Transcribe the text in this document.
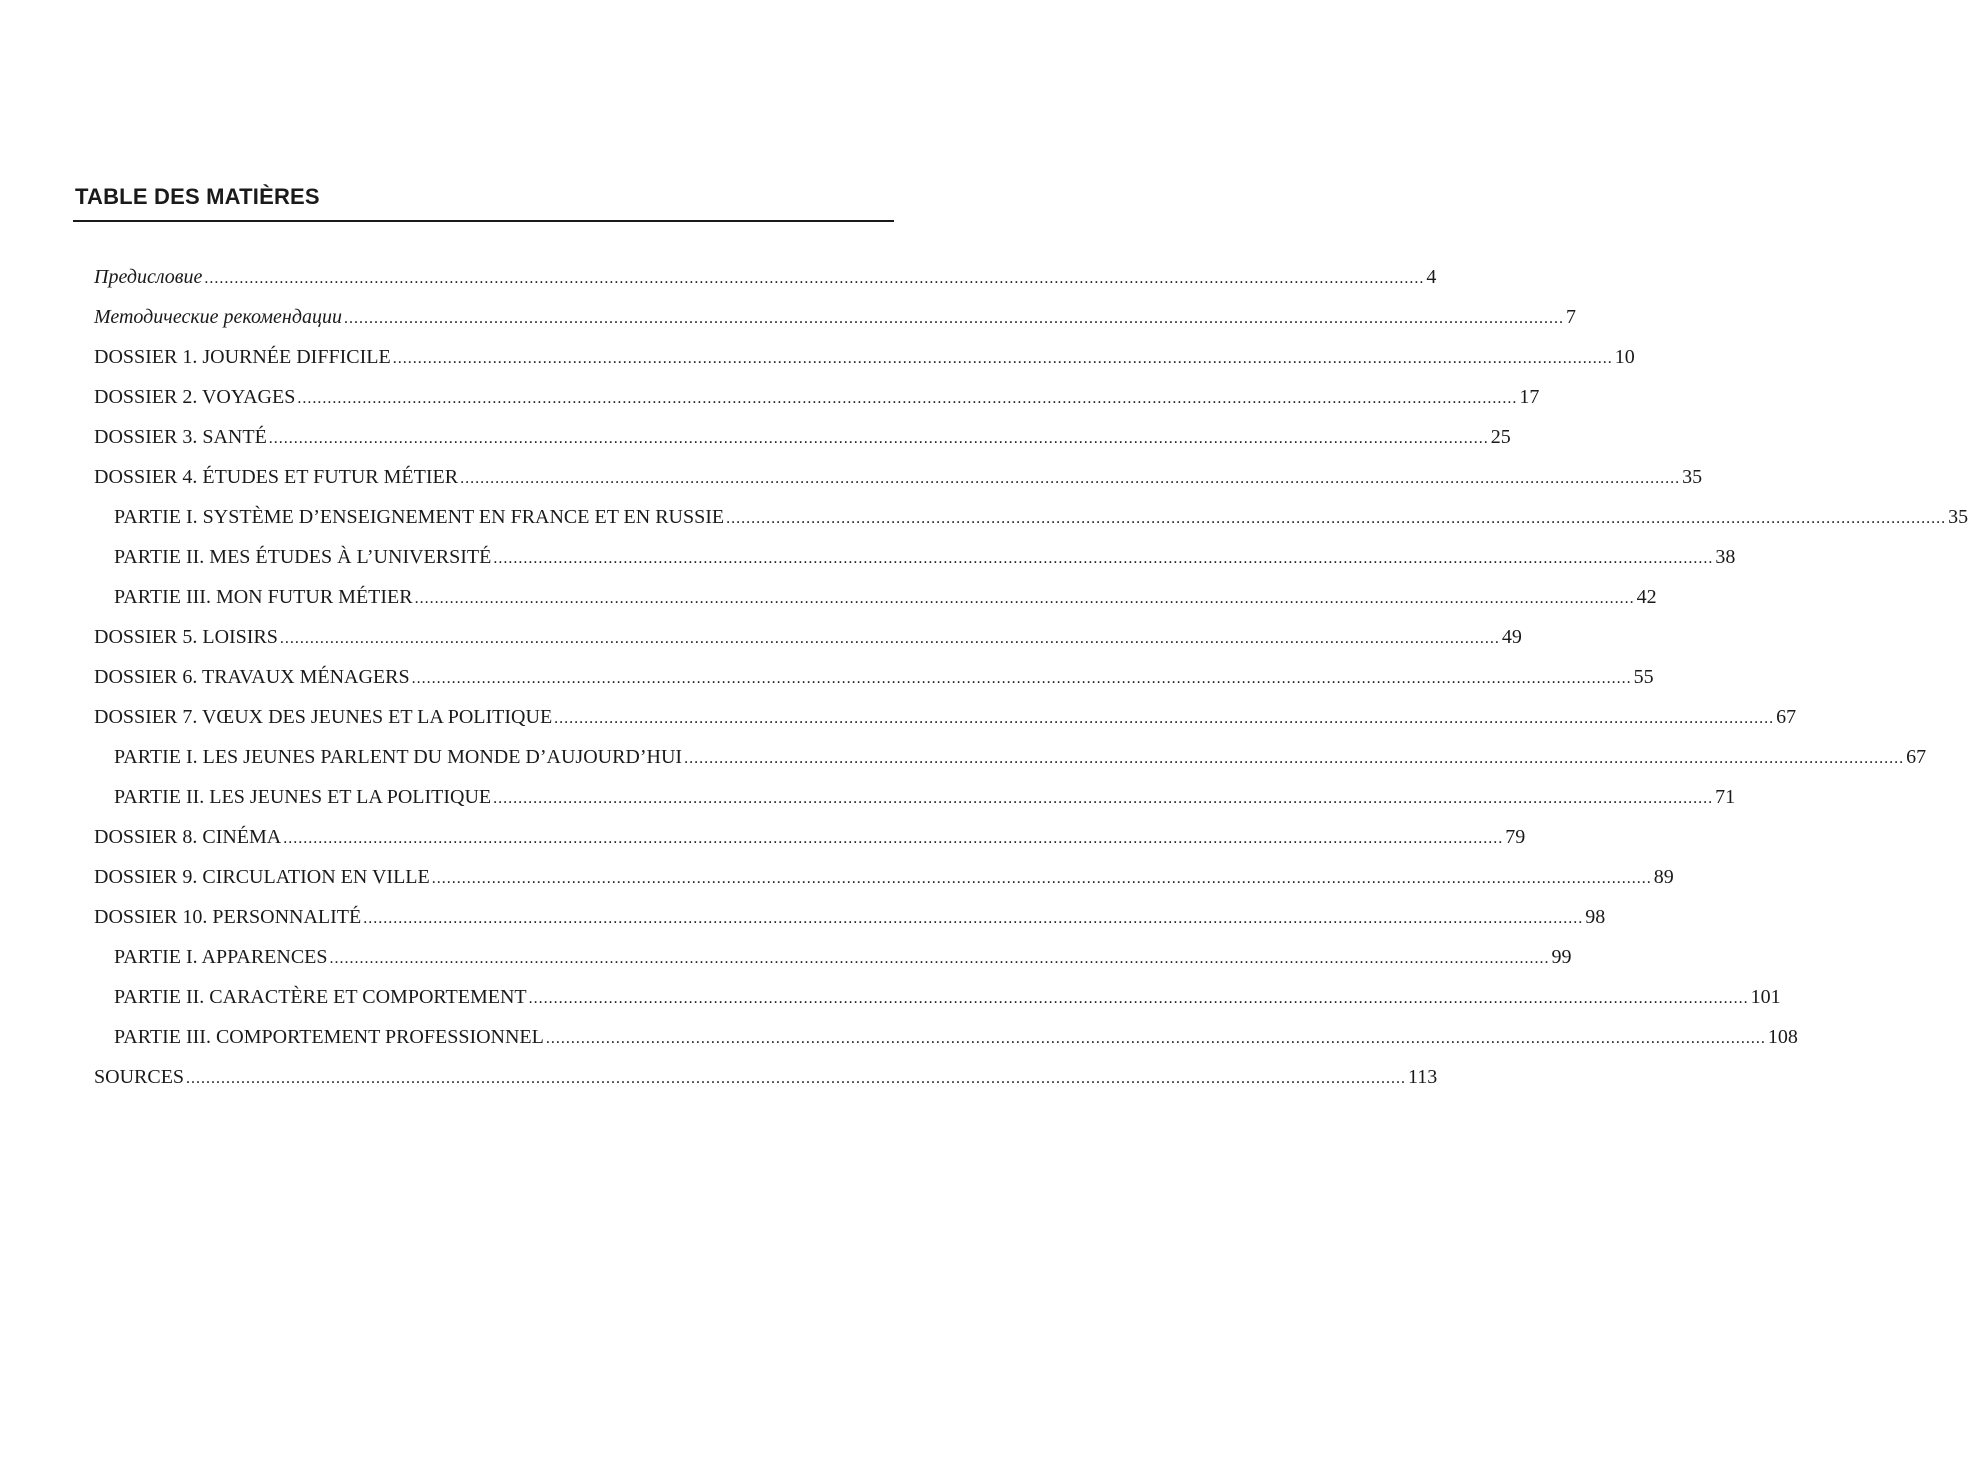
TABLE DES MATIÈRES
Предисловие .................................................................................................................................................................................................................................................... 4
Методические рекомендации .................................................................................................................................................................................................................................................... 7
DOSSIER 1. JOURNÉE DIFFICILE .................................................................................................................................................................................................................................................... 10
DOSSIER 2. VOYAGES .................................................................................................................................................................................................................................................... 17
DOSSIER 3. SANTÉ .................................................................................................................................................................................................................................................... 25
DOSSIER 4. ÉTUDES ET FUTUR MÉTIER .................................................................................................................................................................................................................................................... 35
PARTIE I. SYSTÈME D’ENSEIGNEMENT EN FRANCE ET EN RUSSIE .................................................................................................................................................................................................................................................... 35
PARTIE II. MES ÉTUDES À L’UNIVERSITÉ .................................................................................................................................................................................................................................................... 38
PARTIE III. MON FUTUR MÉTIER .................................................................................................................................................................................................................................................... 42
DOSSIER 5. LOISIRS .................................................................................................................................................................................................................................................... 49
DOSSIER 6. TRAVAUX MÉNAGERS .................................................................................................................................................................................................................................................... 55
DOSSIER 7. VŒUX DES JEUNES ET LA POLITIQUE .................................................................................................................................................................................................................................................... 67
PARTIE I. LES JEUNES PARLENT DU MONDE D’AUJOURD’HUI .................................................................................................................................................................................................................................................... 67
PARTIE II. LES JEUNES ET LA POLITIQUE .................................................................................................................................................................................................................................................... 71
DOSSIER 8. CINÉMA .................................................................................................................................................................................................................................................... 79
DOSSIER 9. CIRCULATION EN VILLE .................................................................................................................................................................................................................................................... 89
DOSSIER 10. PERSONNALITÉ .................................................................................................................................................................................................................................................... 98
PARTIE I. APPARENCES .................................................................................................................................................................................................................................................... 99
PARTIE II. CARACTÈRE ET COMPORTEMENT .................................................................................................................................................................................................................................................... 101
PARTIE III. COMPORTEMENT PROFESSIONNEL .................................................................................................................................................................................................................................................... 108
SOURCES .................................................................................................................................................................................................................................................... 113
